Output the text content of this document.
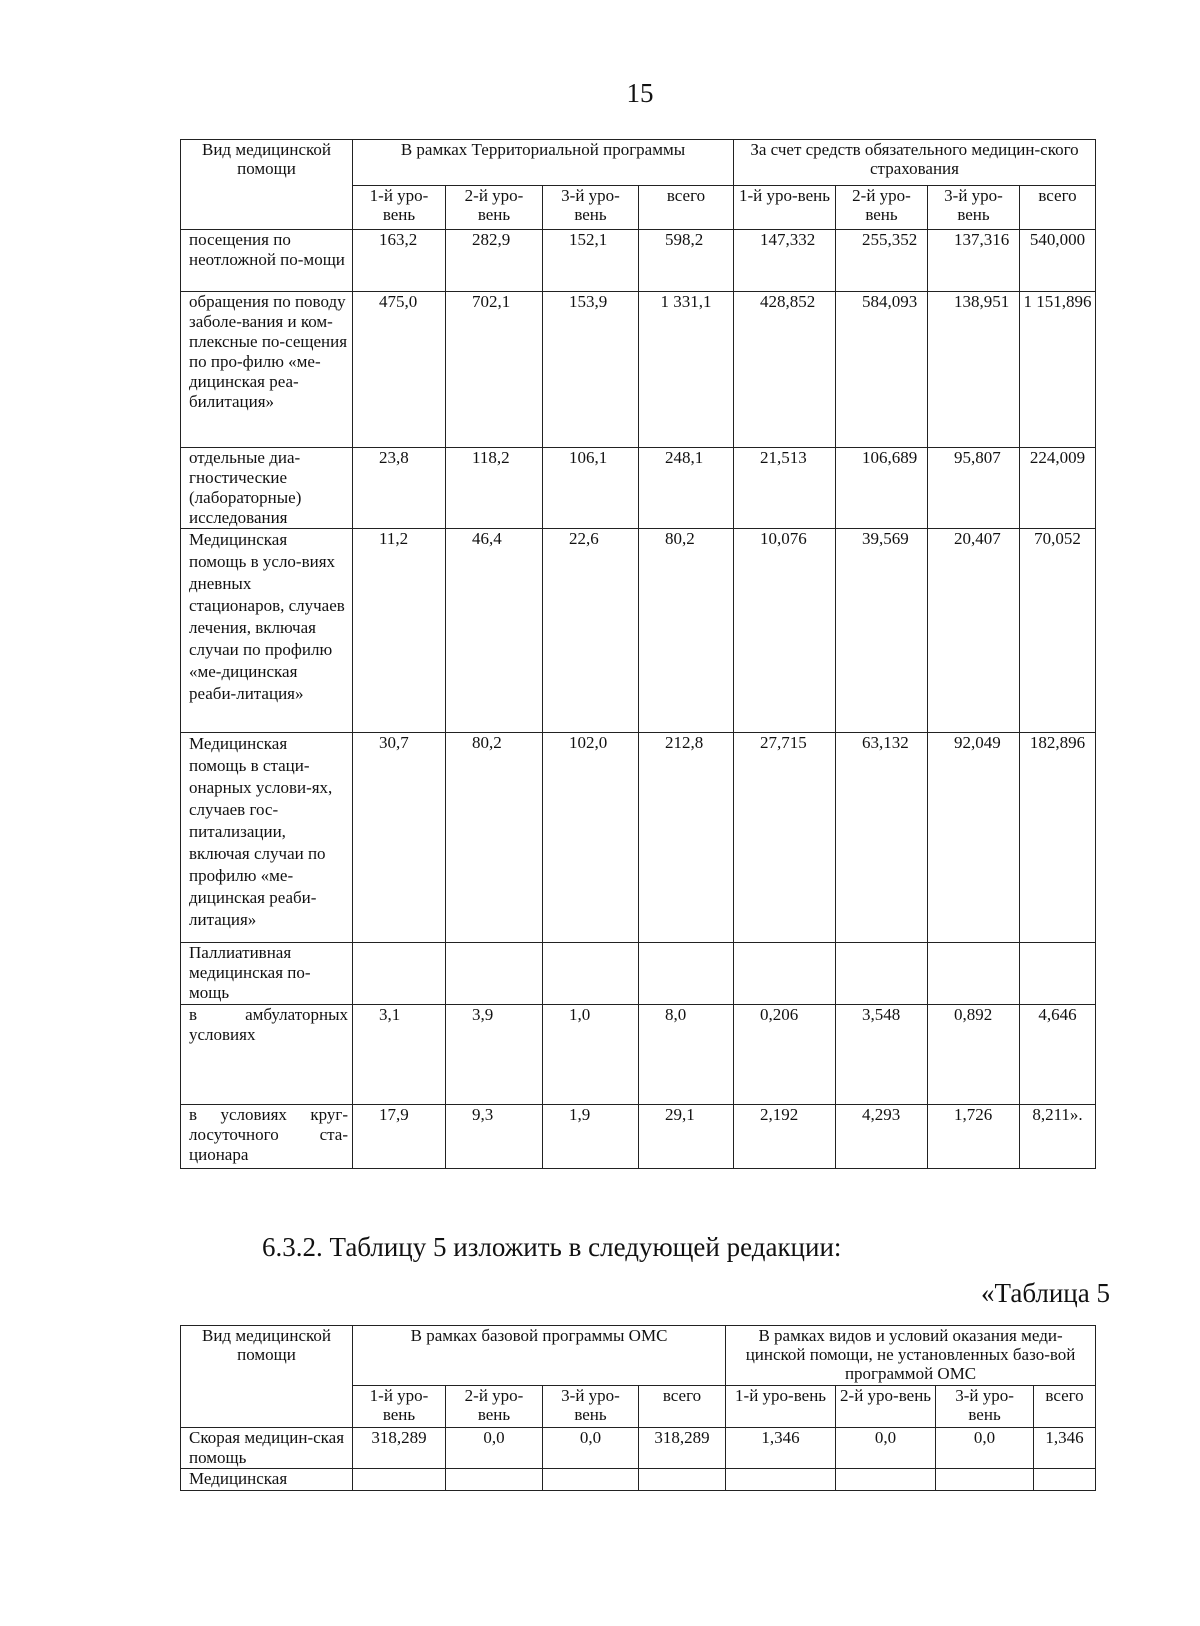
15
Вид медицинской помощи	В рамках Территориальной программы				За счет средств обязательного медицин-ского страхования			
	1-й уро-вень	2-й уро-вень	3-й уро-вень	всего	1-й уро-вень	2-й уро-вень	3-й уро-вень	всего
посещения по неотложной по-мощи	163,2	282,9	152,1	598,2	147,332	255,352	137,316	540,000
обращения по поводу заболе-вания и ком-плексные по-сещения по про-филю «ме-дицинская реа-билитация»	475,0	702,1	153,9	1 331,1	428,852	584,093	138,951	1 151,896
отдельные диа-гностические (лабораторные) исследования	23,8	118,2	106,1	248,1	21,513	106,689	95,807	224,009
Медицинская помощь в усло-виях дневных стационаров, случаев лечения, включая случаи по профилю «ме-дицинская реаби-литация»	11,2	46,4	22,6	80,2	10,076	39,569	20,407	70,052
Медицинская помощь в стаци-онарных услови-ях, случаев гос-питализации, включая случаи по профилю «ме-дицинская реаби-литация»	30,7	80,2	102,0	212,8	27,715	63,132	92,049	182,896
Паллиативная медицинская по-мощь								
в амбулаторных условиях	3,1	3,9	1,0	8,0	0,206	3,548	0,892	4,646
в условиях круг-лосуточного ста-ционара	17,9	9,3	1,9	29,1	2,192	4,293	1,726	8,211».
6.3.2. Таблицу 5 изложить в следующей редакции:
«Таблица 5
Вид медицинской помощи	В рамках базовой программы ОМС				В рамках видов и условий оказания меди-цинской помощи, не установленных базо-вой программой ОМС			
	1-й уро-вень	2-й уро-вень	3-й уро-вень	всего	1-й уро-вень	2-й уро-вень	3-й уро-вень	всего
Скорая медицин-ская помощь	318,289	0,0	0,0	318,289	1,346	0,0	0,0	1,346
Медицинская								
